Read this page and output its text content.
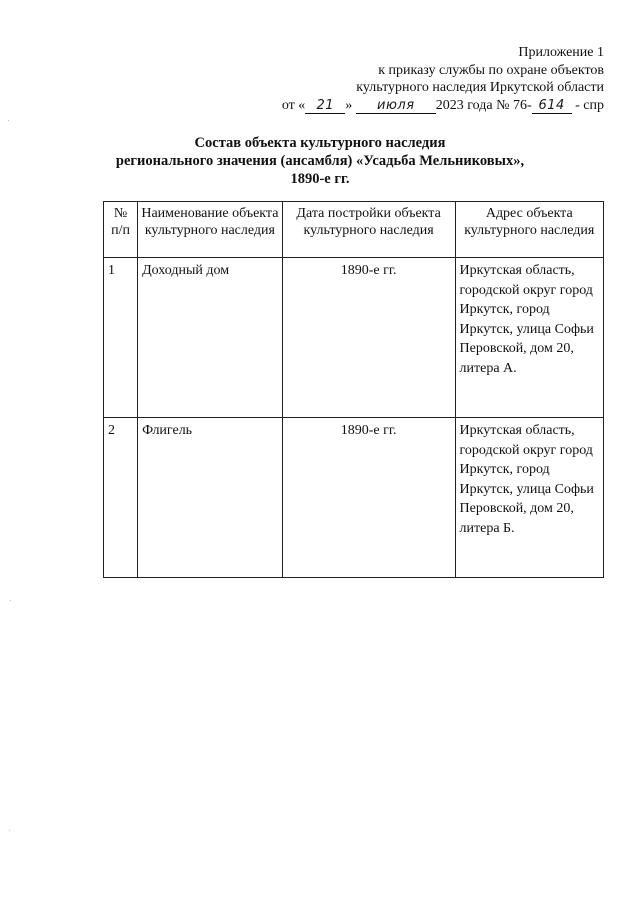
Приложение 1
к приказу службы по охране объектов
культурного наследия Иркутской области
от « 21 » июля 2023 года № 76- 614 - спр
Состав объекта культурного наследия
регионального значения (ансамбля) «Усадьба Мельниковых»,
1890-е гг.
№ п/п	Наименование объекта культурного наследия	Дата постройки объекта культурного наследия	Адрес объекта культурного наследия
1	Доходный дом	1890-е гг.	Иркутская область, городской округ город Иркутск, город Иркутск, улица Софьи Перовской, дом 20, литера А.
2	Флигель	1890-е гг.	Иркутская область, городской округ город Иркутск, город Иркутск, улица Софьи Перовской, дом 20, литера Б.
